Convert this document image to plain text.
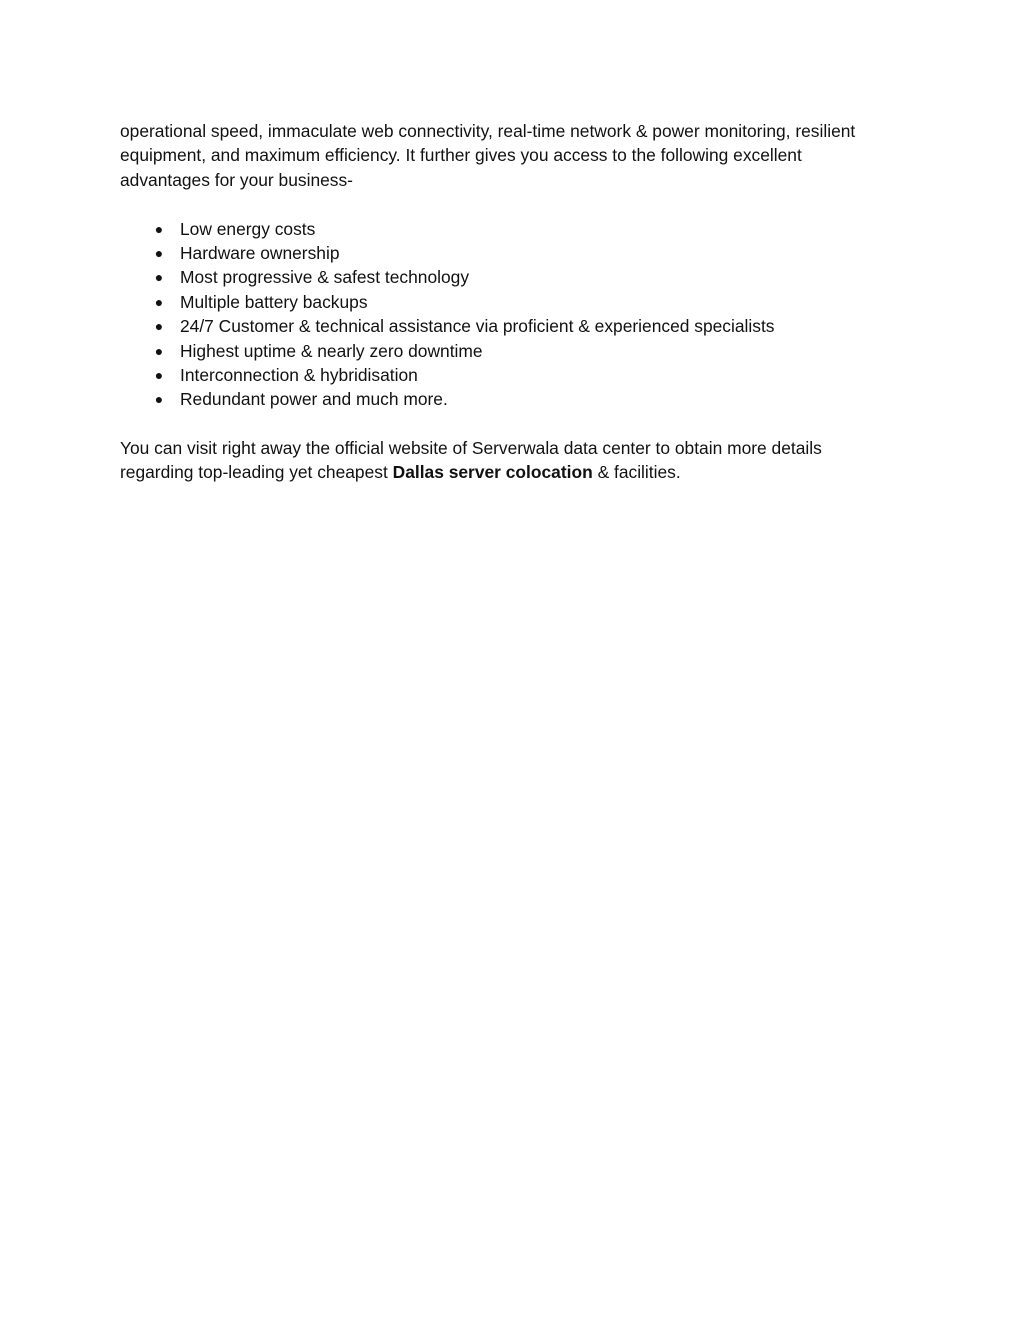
operational speed, immaculate web connectivity, real-time network & power monitoring, resilient

equipment, and maximum efficiency. It further gives you access to the following excellent

advantages for your business-

● Low energy costs
● Hardware ownership
● Most progressive & safest technology
● Multiple battery backups
● 24/7 Customer & technical assistance via proficient & experienced specialists
● Highest uptime & nearly zero downtime
● Interconnection & hybridisation
● Redundant power and much more.

You can visit right away the official website of Serverwala data center to obtain more details

regarding top-leading yet cheapest Dallas server colocation & facilities.
